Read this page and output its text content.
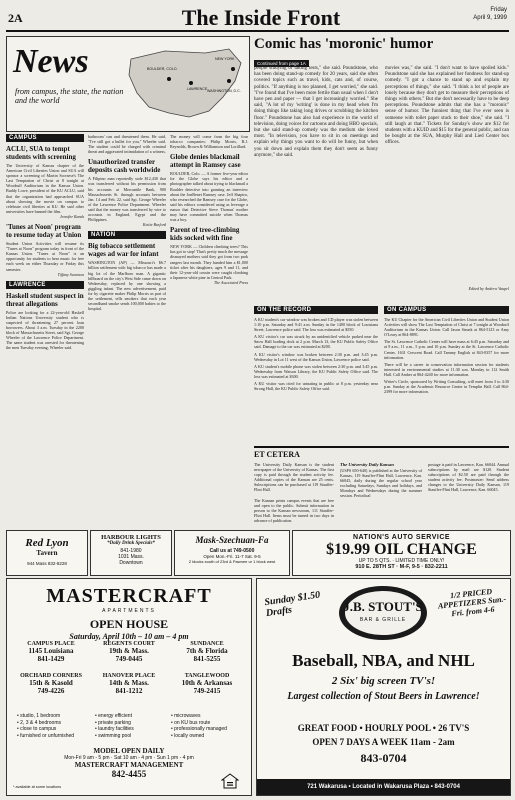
2A	The Inside Front	Friday
April 9, 1999
News
from campus, the state, the nation and the world
WASHINGTON, D.C.
BOULDER, COLO.
NEW YORK
LAWRENCE
CAMPUS
ACLU, SUA to tempt students with screening
The University of Kansas chapter of the American Civil Liberties Union and SUA will sponsor a screening of Martin Scorsese's The Last Temptation of Christ at 8 tonight at Woodruff Auditorium in the Kansas Union. Buddy Lowe, president of the KU ACLU, said that the organization had approached SUA about showing the movie on campus to celebrate civil liberties at KU. He said other universities have banned the film.
Jennifer Rands
'Tunes at Noon' program to resume today at Union
Student Union Activities will resume its "Tunes at Noon" program today in front of the Kansas Union. "Tunes at Noon" is an opportunity for students to hear music for free each week on either Thursday or Friday this semester.
Tiffany Swanson
LAWRENCE
Haskell student suspect in threat allegations
Police are looking for a 22-year-old Haskell Indian Nations University student who is suspected of threatening 27 percent loan borrowers. About 3 a.m. Tuesday in the 2200 block of Massachusetts Street, said Sgt. George Wheeler of the Lawrence Police Department. The same student was arrested for threatening the men Tuesday evening, Wheeler said.
bathroom' can and threatened them. He said, "I've still got a bullet for you," Wheeler said. The student could be charged with criminal threat and aggravated intimidation of a witness.
Unauthorized transfer deposits cash worldwide
A Filipino man reportedly stole $12,430 that was transferred without his permission from his accounts at Mercantile Bank, 900 Massachusetts St. through accounts between Jan. 14 and Feb. 22, said Sgt. George Wheeler of the Lawrence Police Department. Wheeler said that the money was transferred by wire to accounts in England, Egypt and the Philippines.
Kettie Burford
NATION
Big tobacco settlement wages ad war for infant
WASHINGTON (AP) — Missouri's $6.7 billion settlement with big tobacco has made a big lot of the Marlboro man. A gigantic billboard on the city's West Side came down on Wednesday, replaced by one showing a giggling infant. The new advertisement, paid for by cigarette maker Philip Morris as part of the settlement, tells smokers that each year secondhand smoke sends 100,000 babies to the hospital.
The money will come from the big four tobacco companies: Philip Morris, R.J. Reynolds, Brown & Williamson and Lorillard.
Globe denies blackmail attempt in Ramsey case
BOULDER, Colo. — A former five-year editor for the Globe says his editor and a photographer talked about trying to blackmail a Boulder detective into granting an interview about the JonBenet Ramsey case. Jeff Shapiro, who researched the Ramsey case for the Globe, said his editors considered using as leverage a rumor that Detective Steve Thomas' mother may have committed suicide when Thomas was a boy.
Parent of tree-climbing kids socked with fine
NEW YORK — Children climbing trees? This has got to stop! That's pretty much the message dismayed mothers said they got from two park rangers last month. They handed him a $1,000 ticket after his daughters, ages 9 and 11, and their 12-year-old cousin were caught climbing a Japanese white pine in Central Park.
The Associated Press
Comic has 'moronic' humor
Continued from page 1A
people studying or taking tests," she said. Poundstone, who has been doing stand-up comedy for 20 years, said she often covered topics such as travel, kids, cats and, of course, politics. "If anything is too planned, I get worried," she said. "I've found that I've been more fertile than usual when I don't have pen and paper — that I get increasingly worried." She said, "A lot of my 'writing' is done in my head when I'm doing things like taking long drives or scrubbing the kitchen floor." Poundstone has also had experience in the world of television, doing voices for cartoons and doing HBO specials, but she said stand-up comedy was the medium she loved most. "In television, you have to sit in on meetings and explain why things you want to do will be funny, but when you sit down and explain them they don't seem as funny anymore," she said.
movies was," she said. "I don't want to have spoiled kids." Poundstone said she has explained her fondness for stand-up comedy. "I got a chance to stand up and explain my perceptions of things," she said. "I think a lot of people are lonely because they don't get to measure their perceptions of things with others." But she don't necessarily have to be deep perceptions. Poundstone admits that she has a "moronic" sense of humor. The funniest thing that I've ever seen is someone with toilet paper stuck to their shoe," she said. "I still laugh at that." Tickets for Sunday's show are $12 for students with a KUID and $15 for the general public, and can be bought at the SUA, Murphy Hall and Lied Center box offices.
Edited by Andrew Vaupel
ON THE RECORD

A KU student's car window was broken and CD player was stolen between 1:10 p.m. Saturday and 9:41 a.m. Sunday in the 1400 block of Louisiana Street, Lawrence police said. The loss was estimated at $550.

A KU visitor's car was struck by an unidentified vehicle parked near the Snow Hall loading dock at 2 p.m. March 13, the KU Public Safety Office said. Damage to the car was estimated at $200.

A KU visitor's window was broken between 2:30 p.m. and 3:45 p.m. Wednesday in Lot 11 west of the Kansas Union, Lawrence police said.

A KU student's mobile phone was stolen between 2:30 p.m. and 3:45 p.m. Wednesday from Watson Library, the KU Public Safety Office said. The loss was estimated at $300.

A KU visitor was cited for urinating in public at 8 p.m. yesterday near Strong Hall, the KU Public Safety Office said.

ON CAMPUS

The KU Chapter for the American Civil Liberties Union and Student Union Activities will show The Last Temptation of Christ at 7 tonight at Woodruff Auditorium in the Kansas Union. Call Jason Strunk at 864-5123 or Amy O'Leary at 864-8891.

The St. Lawrence Catholic Center will have mass at 6:45 p.m. Saturday and at 9 a.m., 11 a.m., 5 p.m. and 10 p.m. Sunday at the St. Lawrence Catholic Center, 1631 Crescent Road. Call Tammy English at 843-0357 for more information.

There will be a career in conservation information session for students interested in environmental studies at 11:30 a.m. Monday in 112 Smith Hall. Call Amber at 864-4240 for more information.

Writer's Circle, sponsored by Writing Consulting, will meet from 3 to 4:30 p.m. Sunday at the Academic Resource Center in Templin Hall. Call 864-2399 for more information.

ET CETERA
The University Daily Kansan is the student newspaper of the University of Kansas. The first copy is paid through the student activity fee. Additional copies of the Kansan are 25 cents. Subscriptions can be purchased at 119 Stauffer-Flint Hall.
The Kansan prints campus events that are free and open to the public. Submit information in person to the Kansan newsroom, 111 Stauffer-Flint Hall. Items must be turned in two days in advance of publication.
The University Daily Kansan
(USPS 650-640) is published at the University of Kansas, 119 Stauffer-Flint Hall, Lawrence, Kan. 66045, daily during the regular school year excluding Saturdays, Sundays and holidays, and Mondays and Wednesdays during the summer session. Periodical
postage is paid in Lawrence, Kan. 66044. Annual subscriptions by mail are $120. Student subscriptions of $2.50 are paid through the student activity fee. Postmaster: Send address changes to the University Daily Kansan, 119 Stauffer-Flint Hall, Lawrence, Kan. 66045.
Red Lyon
Tavern
944 Mass 832-8228
HARBOUR LIGHTS
*Daily Drink Specials*
841-1980
1031 Mass.
Downtown
Mask-Szechuan-Fa
Call us at 749-0500
Open Mon.-Fri. 11-7 Sat. 9-5
2 blocks south of 23rd & Pawnee or 1 block west
NATION'S AUTO SERVICE
$19.99 OIL CHANGE
UP TO 5 QTS. · LIMITED TIME ONLY!
910 E. 28TH ST · M-F, 9-5 · 832-2211
MASTERCRAFT
APARTMENTS
OPEN HOUSE
Saturday, April 10th – 10 am – 4 pm
CAMPUS PLACE
1145 Louisiana
841-1429
REGENTS COURT
19th & Mass.
749-0445
SUNDANCE
7th & Florida
841-5255
ORCHARD CORNERS
15th & Kasold
749-4226
HANOVER PLACE
14th & Mass.
841-1212
TANGLEWOOD
10th & Arkansas
749-2415
• studio, 1 bedroom
• 2, 3 & 4 bedrooms
• close to campus
• furnished or unfurnished
• energy efficient
• private parking
• laundry facilities
• swimming pool
• microwaves
• on KU bus route
• professionally managed
• locally owned
MODEL OPEN DAILY
Mon-Fri 9 am - 5 pm · Sat 10 am - 4 pm · Sun 1 pm - 4 pm
MASTERCRAFT MANAGEMENT
842-4455
* available at some locations
Sunday $1.50 Drafts	J.B. STOUT'S
BAR & GRILLE
1/2 PRICED APPETIZERS Sun.-Fri. from 4-6
Baseball, NBA, and NHL
2 Six' big screen TV's!
Largest collection of Stout Beers in Lawrence!
GREAT FOOD • HOURLY POOL • 26 TV'S
OPEN 7 DAYS A WEEK 11am - 2am
843-0704
721 Wakarusa • Located in Wakarusa Plaza • 843-0704
